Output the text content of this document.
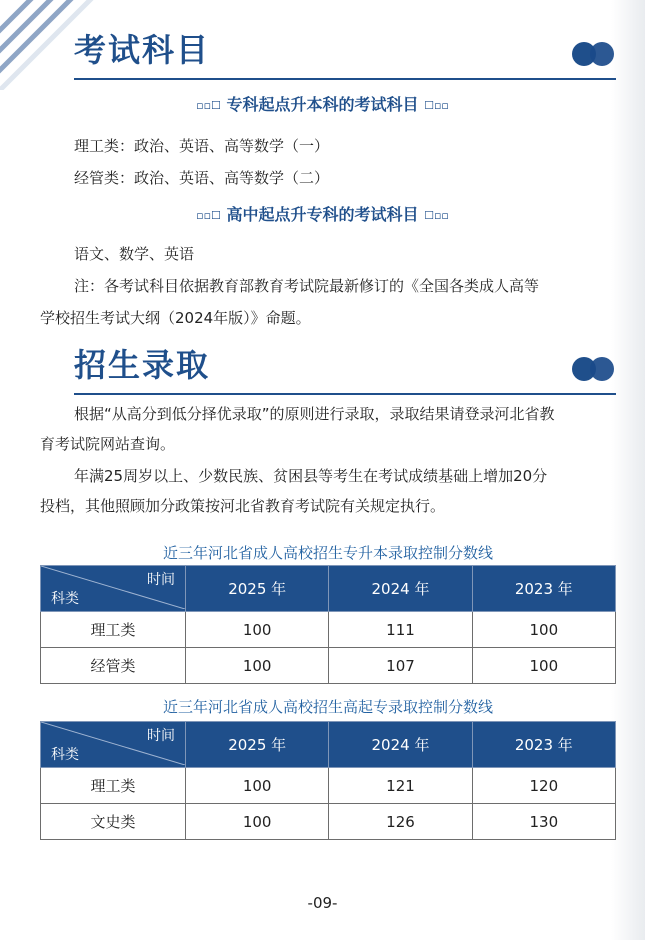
考试科目
▫▫☐ 专科起点升本科的考试科目 ☐▫▫
理工类：政治、英语、高等数学（一）
经管类：政治、英语、高等数学（二）
▫▫☐ 高中起点升专科的考试科目 ☐▫▫
语文、数学、英语
注：各考试科目依据教育部教育考试院最新修订的《全国各类成人高等
学校招生考试大纲（2024年版）》命题。
招生录取
根据“从高分到低分择优录取”的原则进行录取，录取结果请登录河北省教
育考试院网站查询。
年满25周岁以上、少数民族、贫困县等考生在考试成绩基础上增加20分
投档，其他照顾加分政策按河北省教育考试院有关规定执行。
近三年河北省成人高校招生专升本录取控制分数线
时间
科类	2025 年	2024 年	2023 年
理工类	100	111	100
经管类	100	107	100
近三年河北省成人高校招生高起专录取控制分数线
时间
科类	2025 年	2024 年	2023 年
理工类	100	121	120
文史类	100	126	130
-09-
